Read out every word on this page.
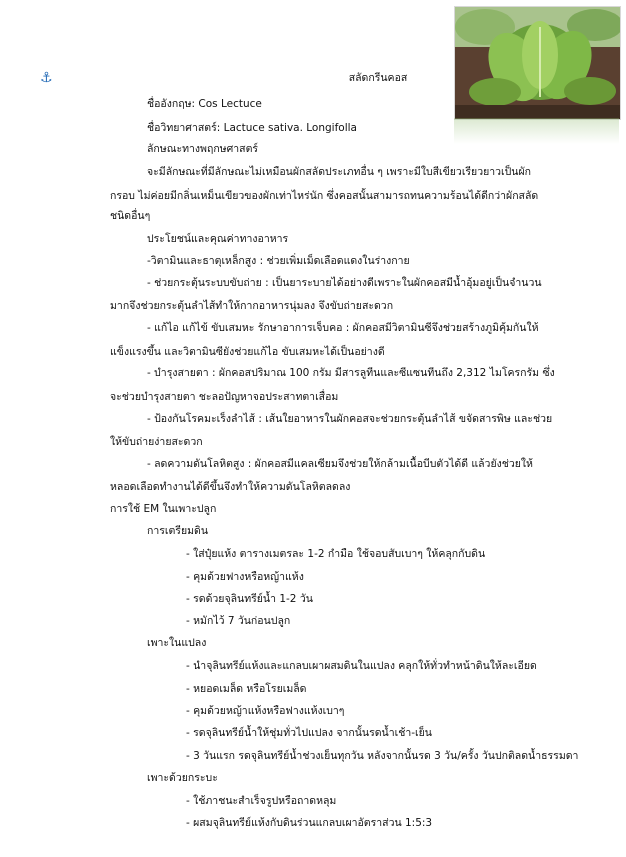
⚓	สลัดกรีนคอส
ชื่ออังกฤษ: Cos Lectuce
ชื่อวิทยาศาสตร์: Lactuce sativa. Longifolla
ลักษณะทางพฤกษศาสตร์
จะมีลักษณะที่มีลักษณะไม่เหมือนผักสลัดประเภทอื่น ๆ เพราะมีใบสีเขียวเรียวยาวเป็นผัก
กรอบ ไม่ค่อยมีกลิ่นเหม็นเขียวของผักเท่าไหร่นัก ซึ่งคอสนั้นสามารถทนความร้อนได้ดีกว่าผักสลัด
ชนิดอื่นๆ
ประโยชน์และคุณค่าทางอาหาร
-วิตามินและธาตุเหล็กสูง : ช่วยเพิ่มเม็ดเลือดแดงในร่างกาย
- ช่วยกระตุ้นระบบขับถ่าย : เป็นยาระบายได้อย่างดีเพราะในผักคอสมีน้ำอุ้มอยู่เป็นจำนวน
มากจึงช่วยกระตุ้นลำไส้ทำให้กากอาหารนุ่มลง จึงขับถ่ายสะดวก
- แก้ไอ แก้ไข้ ขับเสมหะ รักษาอาการเจ็บคอ : ผักคอสมีวิตามินซีจึงช่วยสร้างภูมิคุ้มกันให้
แข็งแรงขึ้น และวิตามินซียังช่วยแก้ไอ ขับเสมหะได้เป็นอย่างดี
- บำรุงสายตา : ผักคอสปริมาณ 100 กรัม มีสารลูทีนและซีแซนทีนถึง 2,312 ไมโครกรัม ซึ่ง
จะช่วยบำรุงสายตา ชะลอปัญหาจอประสาทตาเสื่อม
- ป้องกันโรคมะเร็งลำไส้ : เส้นใยอาหารในผักคอสจะช่วยกระตุ้นลำไส้ ขจัดสารพิษ และช่วย
ให้ขับถ่ายง่ายสะดวก
- ลดความดันโลหิตสูง : ผักคอสมีแคลเซียมจึงช่วยให้กล้ามเนื้อบีบตัวได้ดี แล้วยังช่วยให้
หลอดเลือดทำงานได้ดีขึ้นจึงทำให้ความดันโลหิตลดลง
การใช้ EM ในเพาะปลูก
การเตรียมดิน
- ใส่ปุ๋ยแห้ง ตารางเมตรละ 1-2 กำมือ ใช้จอบสับเบาๆ ให้คลุกกับดิน
- คุมด้วยฟางหรือหญ้าแห้ง
- รดด้วยจุลินทรีย์น้ำ 1-2 วัน
- หมักไว้ 7 วันก่อนปลูก
เพาะในแปลง
- นำจุลินทรีย์แห้งและแกลบเผาผสมดินในแปลง คลุกให้ทั่วทำหน้าดินให้ละเอียด
- หยอดเมล็ด หรือโรยเมล็ด
- คุมด้วยหญ้าแห้งหรือฟางแห้งเบาๆ
- รดจุลินทรีย์น้ำให้ชุ่มทั่วไปแปลง จากนั้นรดน้ำเช้า-เย็น
- 3 วันแรก รดจุลินทรีย์น้ำช่วงเย็นทุกวัน หลังจากนั้นรด 3 วัน/ครั้ง วันปกติลดน้ำธรรมดา
เพาะด้วยกระบะ
- ใช้ภาชนะสำเร็จรูปหรือถาดหลุม
- ผสมจุลินทรีย์แห้งกับดินร่วนแกลบเผาอัตราส่วน 1:5:3
